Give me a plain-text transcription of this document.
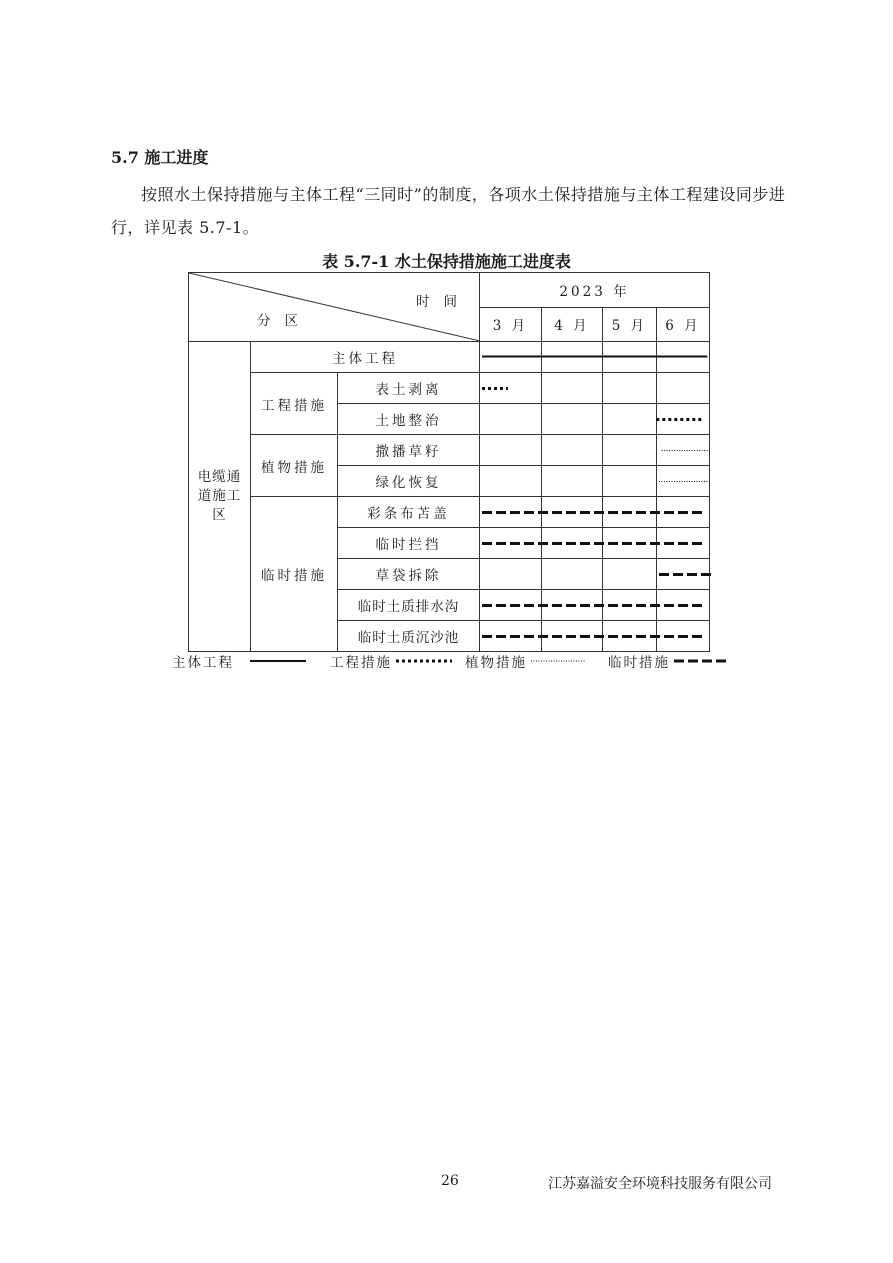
5.7 施工进度
按照水土保持措施与主体工程“三同时”的制度，各项水土保持措施与主体工程建设同步进行，详见表 5.7-1。
表 5.7-1 水土保持措施施工进度表
时间
分区			2023 年			
			3 月	4 月	5 月	6 月
电缆通道施工区	主体工程					
	工程措施	表土剥离				
		土地整治				
	植物措施	撒播草籽				
		绿化恢复				
	临时措施	彩条布苫盖				
		临时拦挡				
		草袋拆除				
		临时土质排水沟				
		临时土质沉沙池				
主体工程	工程措施	植物措施	临时措施
26	江苏嘉溢安全环境科技服务有限公司
